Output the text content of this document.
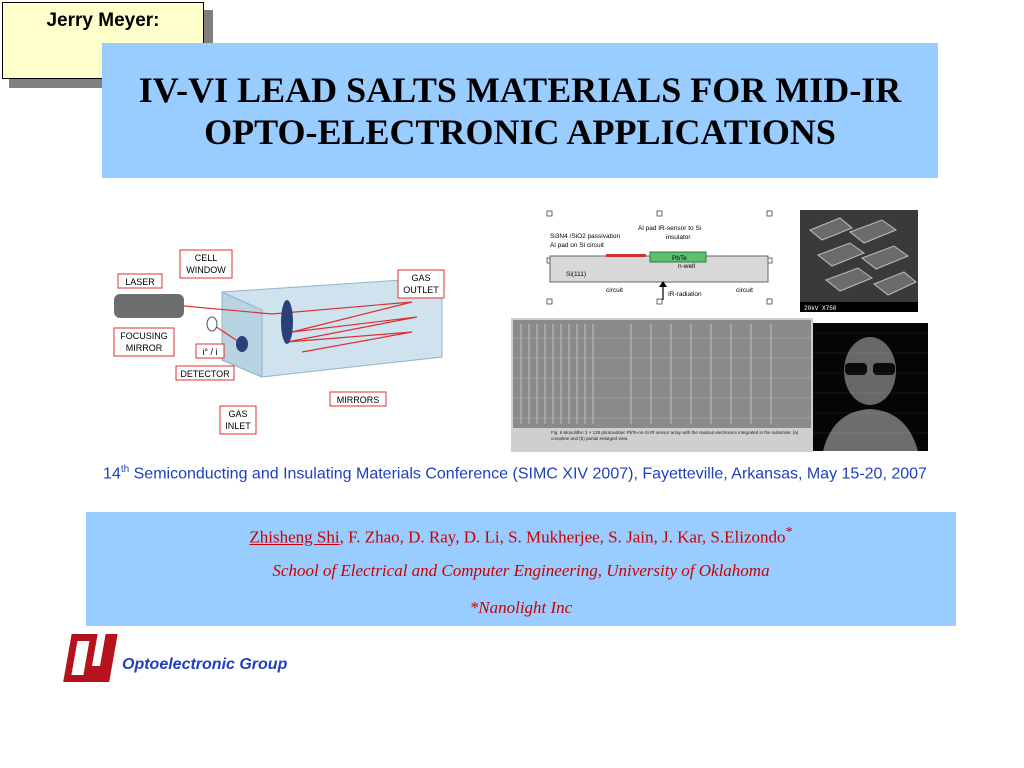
Jerry Meyer:
IV-VI LEAD SALTS MATERIALS FOR MID-IR OPTO-ELECTRONIC APPLICATIONS
CELL
WINDOW
LASER
FOCUSING
MIRROR	i° / i
DETECTOR
GAS
OUTLET
MIRRORS
GAS
INLET
Si3N4 /SiO2 passivation
Al pad on Si circuit
Al pad IR-sensor to Si
insulator
PbTe
n-well
Si(111)
circuit
IR-radiation
circuit
20kV X750
Fig. 5 Monolithic 2 × 128 photovoltaic PbTe-on-Si IR sensor array with the readout electronics integrated in the substrate: (a) complete and (b) partial enlarged view.
14th Semiconducting and Insulating Materials Conference (SIMC XIV 2007), Fayetteville, Arkansas, May 15-20, 2007
Zhisheng Shi, F. Zhao, D. Ray, D. Li, S. Mukherjee, S. Jain, J. Kar, S.Elizondo*
School of Electrical and Computer Engineering, University of Oklahoma
*Nanolight Inc
Optoelectronic Group
